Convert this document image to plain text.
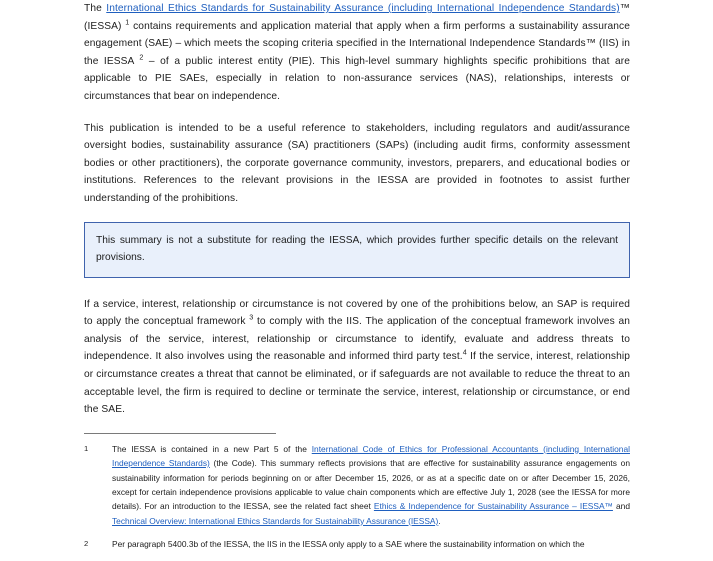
The International Ethics Standards for Sustainability Assurance (including International Independence Standards)™ (IESSA) $^1$ contains requirements and application material that apply when a firm performs a sustainability assurance engagement (SAE) – which meets the scoping criteria specified in the International Independence Standards™ (IIS) in the IESSA $^2$ – of a public interest entity (PIE). This high-level summary highlights specific prohibitions that are applicable to PIE SAEs, especially in relation to non-assurance services (NAS), relationships, interests or circumstances that bear on independence.

This publication is intended to be a useful reference to stakeholders, including regulators and audit/assurance oversight bodies, sustainability assurance (SA) practitioners (SAPs) (including audit firms, conformity assessment bodies or other practitioners), the corporate governance community, investors, preparers, and educational bodies or institutions. References to the relevant provisions in the IESSA are provided in footnotes to assist further understanding of the prohibitions.

This summary is not a substitute for reading the IESSA, which provides further specific details on the relevant provisions.

If a service, interest, relationship or circumstance is not covered by one of the prohibitions below, an SAP is required to apply the conceptual framework $^3$ to comply with the IIS. The application of the conceptual framework involves an analysis of the service, interest, relationship or circumstance to identify, evaluate and address threats to independence. It also involves using the reasonable and informed third party test.$^4$ If the service, interest, relationship or circumstance creates a threat that cannot be eliminated, or if safeguards are not available to reduce the threat to an acceptable level, the firm is required to decline or terminate the service, interest, relationship or circumstance, or end the SAE.

1	The IESSA is contained in a new Part 5 of the International Code of Ethics for Professional Accountants (including International Independence Standards) (the Code). This summary reflects provisions that are effective for sustainability assurance engagements on sustainability information for periods beginning on or after December 15, 2026, or as at a specific date on or after December 15, 2026, except for certain independence provisions applicable to value chain components which are effective July 1, 2028 (see the IESSA for more details). For an introduction to the IESSA, see the related fact sheet Ethics & Independence for Sustainability Assurance – IESSA™ and Technical Overview: International Ethics Standards for Sustainability Assurance (IESSA).
2	Per paragraph 5400.3b of the IESSA, the IIS in the IESSA only apply to a SAE where the sustainability information on which the
